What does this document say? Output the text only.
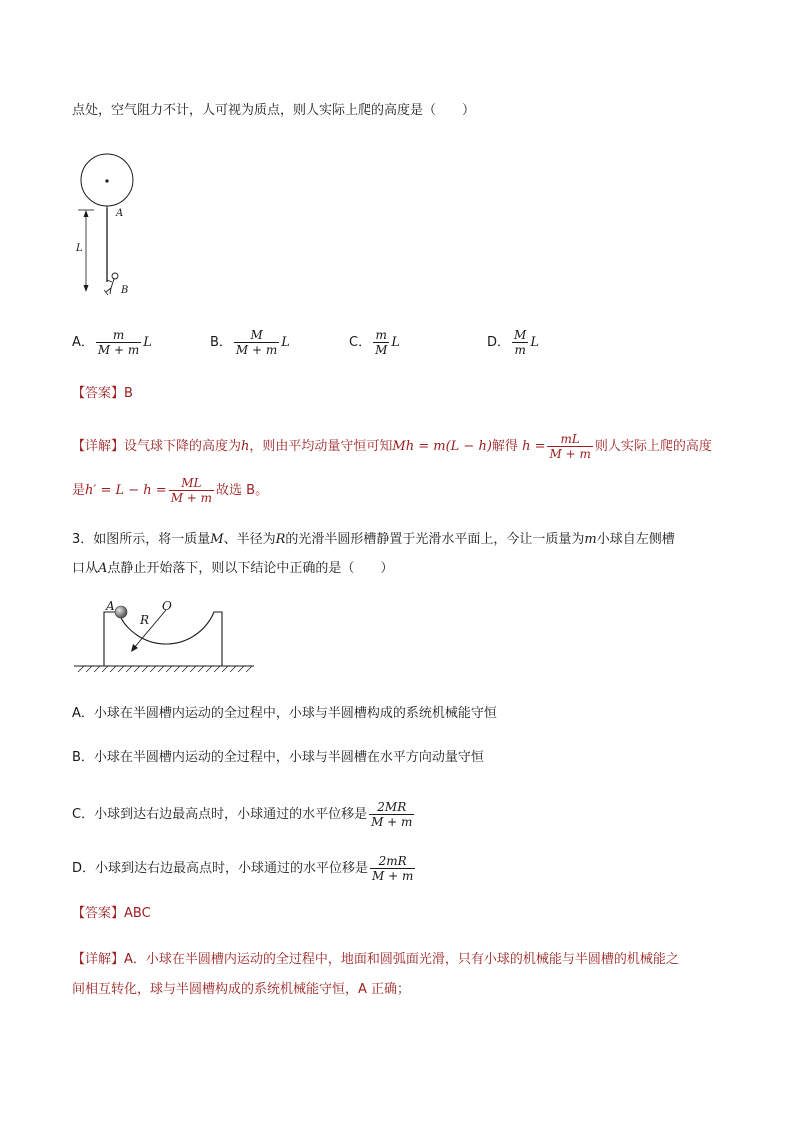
点处，空气阻力不计，人可视为质点，则人实际上爬的高度是（　　）
A
L
B
A． $\frac{m}{M + m}$ L	B． $\frac{M}{M + m}$ L	C． $\frac{m}{M}$ L	D． $\frac{M}{m}$ L
【答案】B
【详解】设气球下降的高度为h，则由平均动量守恒可知Mh = m(L − h)解得 $h = \frac{mL}{M + m}$ 则人实际上爬的高度
是$h' = L - h = \frac{ML}{M + m}$ 故选 B。
3．如图所示，将一质量M、半径为R的光滑半圆形槽静置于光滑水平面上，今让一质量为m小球自左侧槽
口从A点静止开始落下，则以下结论中正确的是（　　）
A	O
R
A．小球在半圆槽内运动的全过程中，小球与半圆槽构成的系统机械能守恒
B．小球在半圆槽内运动的全过程中，小球与半圆槽在水平方向动量守恒
C．小球到达右边最高点时，小球通过的水平位移是 $\frac{2MR}{M + m}$
D．小球到达右边最高点时，小球通过的水平位移是 $\frac{2mR}{M + m}$
【答案】ABC
【详解】A．小球在半圆槽内运动的全过程中，地面和圆弧面光滑，只有小球的机械能与半圆槽的机械能之
间相互转化，球与半圆槽构成的系统机械能守恒，A 正确；
